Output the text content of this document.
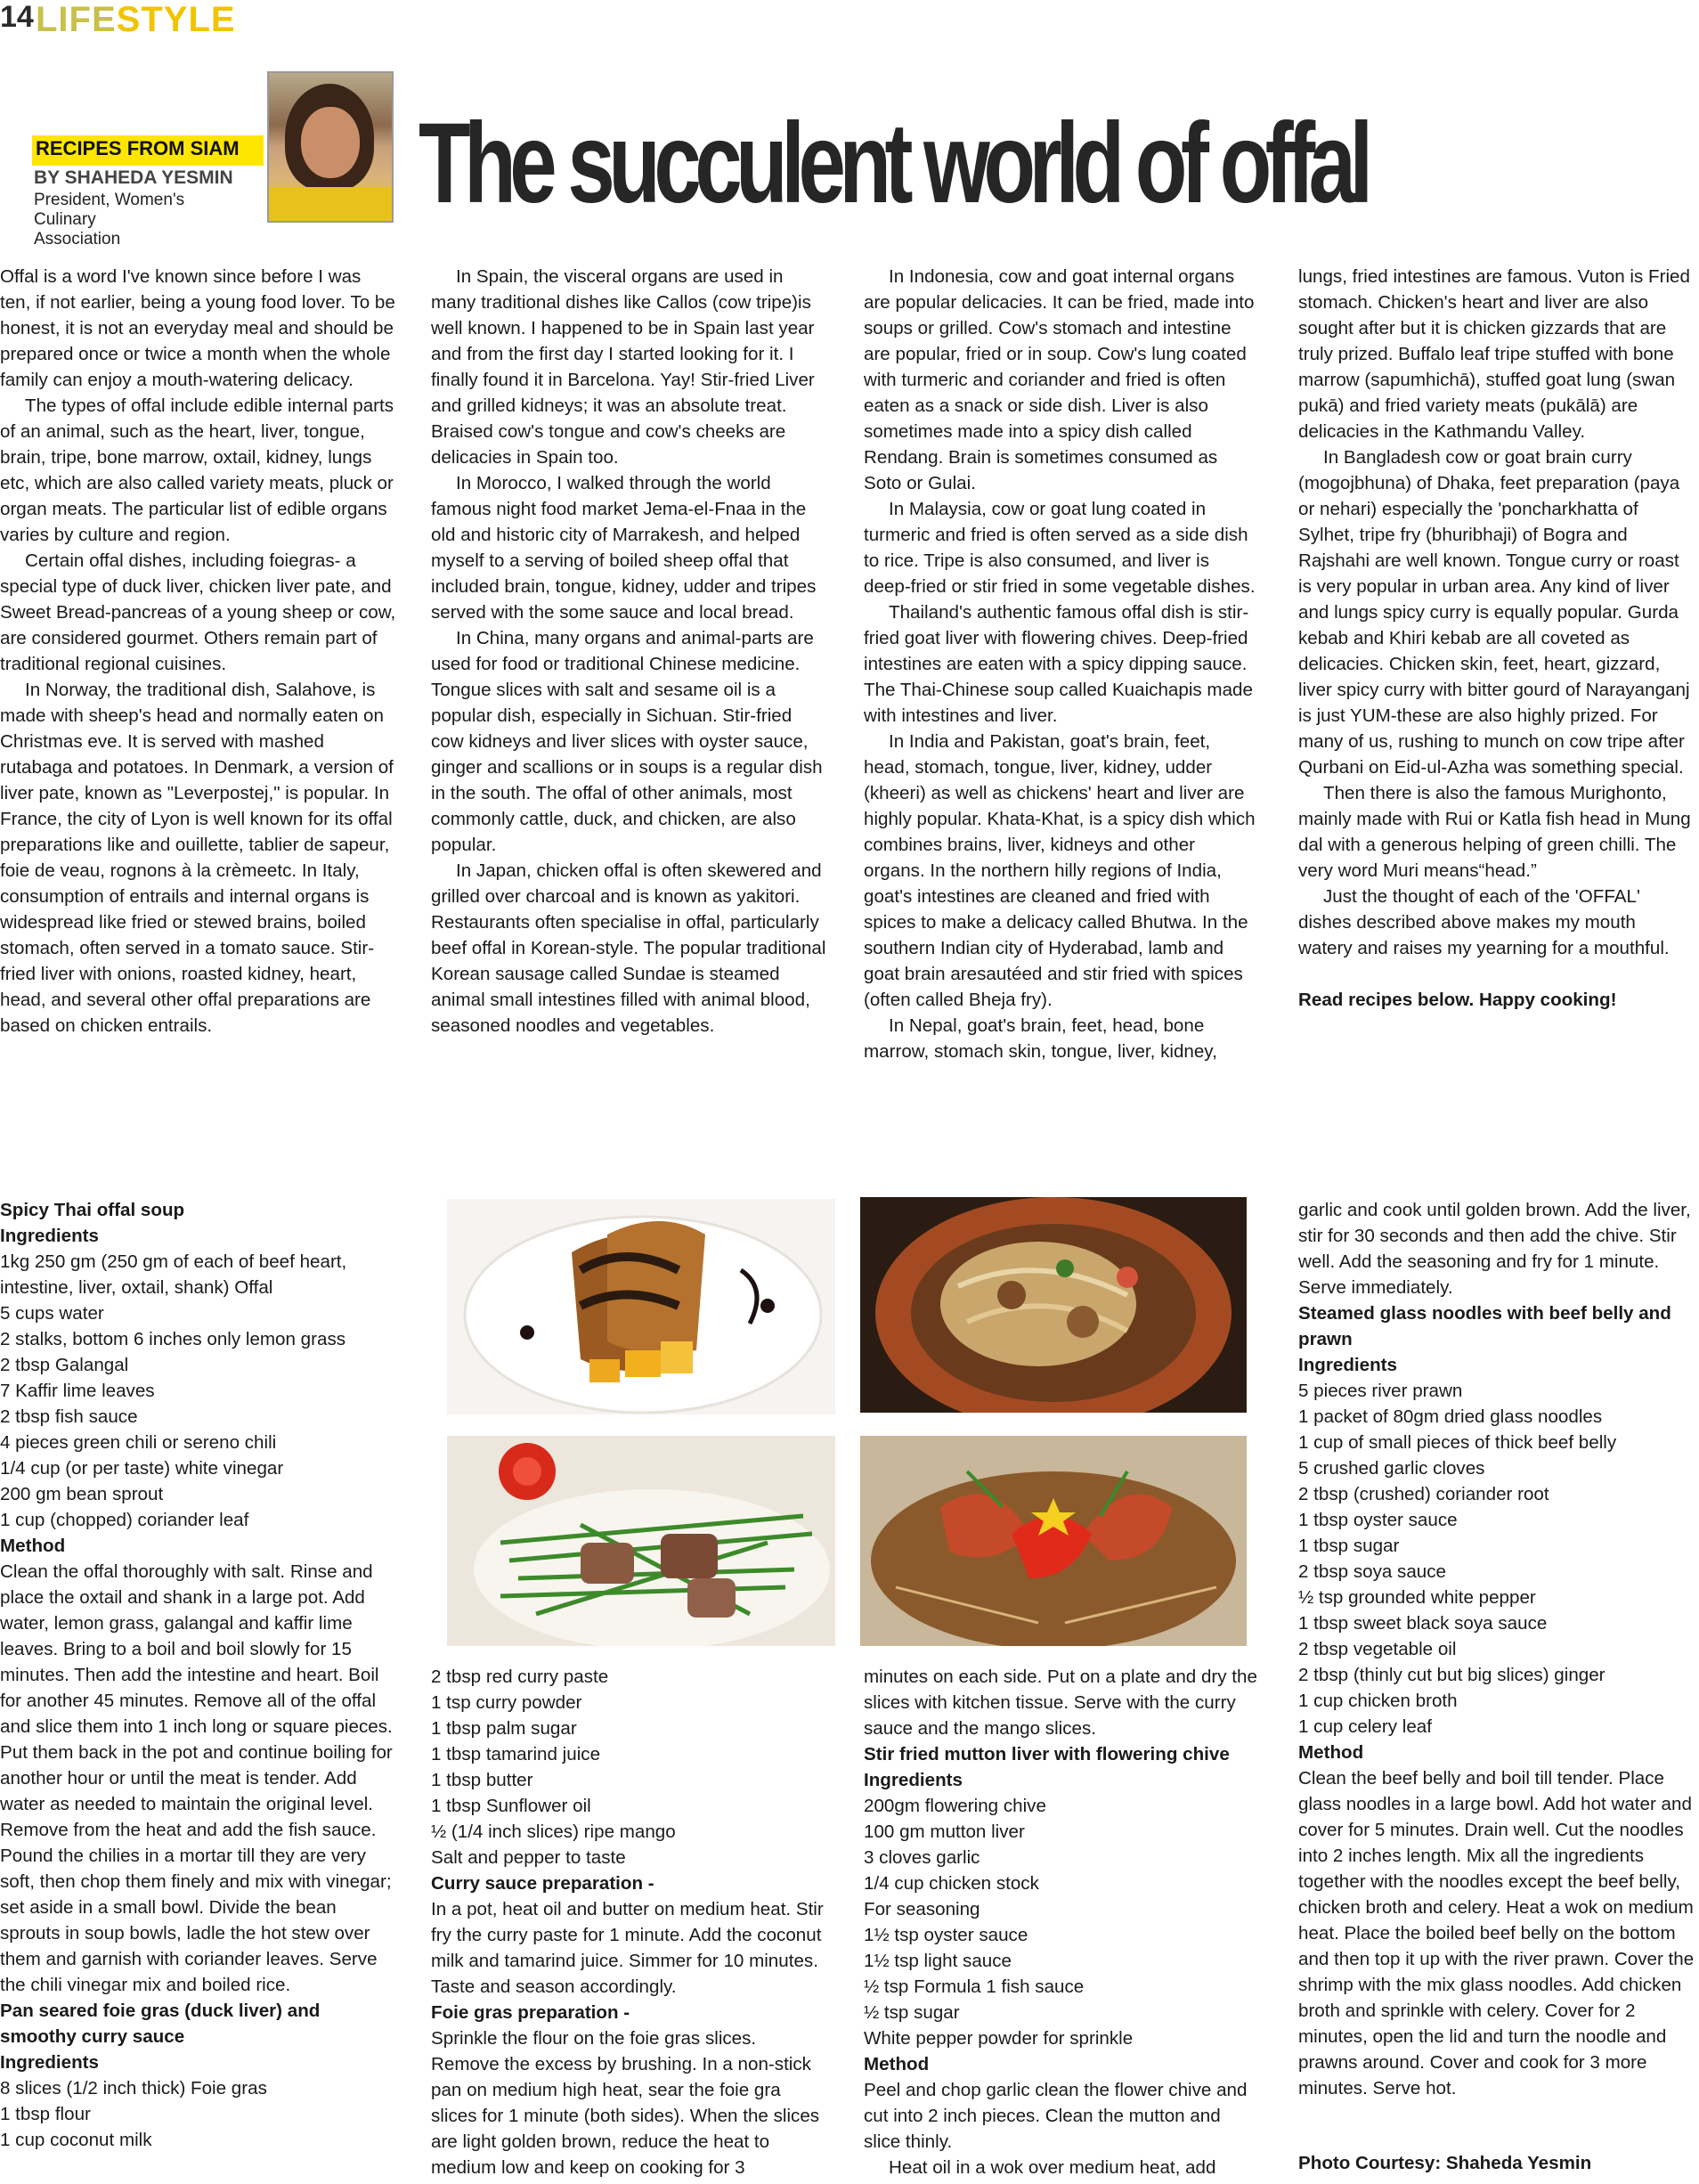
14 LIFESTYLE
RECIPES FROM SIAM
BY SHAHEDA YESMIN
President, Women's Culinary
Association
The succulent world of offal

Offal is a word I've known since before I was ten, if not earlier, being a young food lover. To be honest, it is not an everyday meal and should be prepared once or twice a month when the whole family can enjoy a mouth-watering delicacy.

The types of offal include edible internal parts of an animal, such as the heart, liver, tongue, brain, tripe, bone marrow, oxtail, kidney, lungs etc, which are also called variety meats, pluck or organ meats. The particular list of edible organs varies by culture and region.

Certain offal dishes, including foiegras- a special type of duck liver, chicken liver pate, and Sweet Bread-pancreas of a young sheep or cow, are considered gourmet. Others remain part of traditional regional cuisines.

In Norway, the traditional dish, Salahove, is made with sheep's head and normally eaten on Christmas eve. It is served with mashed rutabaga and potatoes. In Denmark, a version of liver pate, known as "Leverpostej," is popular. In France, the city of Lyon is well known for its offal preparations like and ouillette, tablier de sapeur, foie de veau, rognons à la crèmeetc. In Italy, consumption of entrails and internal organs is widespread like fried or stewed brains, boiled stomach, often served in a tomato sauce. Stir-fried liver with onions, roasted kidney, heart, head, and several other offal preparations are based on chicken entrails.

In Spain, the visceral organs are used in many traditional dishes like Callos (cow tripe)is well known. I happened to be in Spain last year and from the first day I started looking for it. I finally found it in Barcelona. Yay! Stir-fried Liver and grilled kidneys; it was an absolute treat. Braised cow's tongue and cow's cheeks are delicacies in Spain too.

In Morocco, I walked through the world famous night food market Jema-el-Fnaa in the old and historic city of Marrakesh, and helped myself to a serving of boiled sheep offal that included brain, tongue, kidney, udder and tripes served with the some sauce and local bread.

In China, many organs and animal-parts are used for food or traditional Chinese medicine. Tongue slices with salt and sesame oil is a popular dish, especially in Sichuan. Stir-fried cow kidneys and liver slices with oyster sauce, ginger and scallions or in soups is a regular dish in the south. The offal of other animals, most commonly cattle, duck, and chicken, are also popular.

In Japan, chicken offal is often skewered and grilled over charcoal and is known as yakitori. Restaurants often specialise in offal, particularly beef offal in Korean-style. The popular traditional Korean sausage called Sundae is steamed animal small intestines filled with animal blood, seasoned noodles and vegetables.

In Indonesia, cow and goat internal organs are popular delicacies. It can be fried, made into soups or grilled. Cow's stomach and intestine are popular, fried or in soup. Cow's lung coated with turmeric and coriander and fried is often eaten as a snack or side dish. Liver is also sometimes made into a spicy dish called Rendang. Brain is sometimes consumed as Soto or Gulai.

In Malaysia, cow or goat lung coated in turmeric and fried is often served as a side dish to rice. Tripe is also consumed, and liver is deep-fried or stir fried in some vegetable dishes.

Thailand's authentic famous offal dish is stir-fried goat liver with flowering chives. Deep-fried intestines are eaten with a spicy dipping sauce. The Thai-Chinese soup called Kuaichapis made with intestines and liver.

In India and Pakistan, goat's brain, feet, head, stomach, tongue, liver, kidney, udder (kheeri) as well as chickens' heart and liver are highly popular. Khata-Khat, is a spicy dish which combines brains, liver, kidneys and other organs. In the northern hilly regions of India, goat's intestines are cleaned and fried with spices to make a delicacy called Bhutwa. In the southern Indian city of Hyderabad, lamb and goat brain aresautéed and stir fried with spices (often called Bheja fry).

In Nepal, goat's brain, feet, head, bone marrow, stomach skin, tongue, liver, kidney,

lungs, fried intestines are famous. Vuton is Fried stomach. Chicken's heart and liver are also sought after but it is chicken gizzards that are truly prized. Buffalo leaf tripe stuffed with bone marrow (sapumhichā), stuffed goat lung (swan pukā) and fried variety meats (pukālā) are delicacies in the Kathmandu Valley.

In Bangladesh cow or goat brain curry (mogojbhuna) of Dhaka, feet preparation (paya or nehari) especially the 'poncharkhatta of Sylhet, tripe fry (bhuribhaji) of Bogra and Rajshahi are well known. Tongue curry or roast is very popular in urban area. Any kind of liver and lungs spicy curry is equally popular. Gurda kebab and Khiri kebab are all coveted as delicacies. Chicken skin, feet, heart, gizzard, liver spicy curry with bitter gourd of Narayanganj is just YUM-these are also highly prized. For many of us, rushing to munch on cow tripe after Qurbani on Eid-ul-Azha was something special.

Then there is also the famous Murighonto, mainly made with Rui or Katla fish head in Mung dal with a generous helping of green chilli. The very word Muri means“head.”

Just the thought of each of the 'OFFAL' dishes described above makes my mouth watery and raises my yearning for a mouthful.

Read recipes below. Happy cooking!

Spicy Thai offal soup
Ingredients
1kg 250 gm (250 gm of each of beef heart, intestine, liver, oxtail, shank) Offal
5 cups water
2 stalks, bottom 6 inches only lemon grass
2 tbsp Galangal
7 Kaffir lime leaves
2 tbsp fish sauce
4 pieces green chili or sereno chili
1/4 cup (or per taste) white vinegar
200 gm bean sprout
1 cup (chopped) coriander leaf
Method
Clean the offal thoroughly with salt. Rinse and place the oxtail and shank in a large pot. Add water, lemon grass, galangal and kaffir lime leaves. Bring to a boil and boil slowly for 15 minutes. Then add the intestine and heart. Boil for another 45 minutes. Remove all of the offal and slice them into 1 inch long or square pieces. Put them back in the pot and continue boiling for another hour or until the meat is tender. Add water as needed to maintain the original level. Remove from the heat and add the fish sauce. Pound the chilies in a mortar till they are very soft, then chop them finely and mix with vinegar; set aside in a small bowl. Divide the bean sprouts in soup bowls, ladle the hot stew over them and garnish with coriander leaves. Serve the chili vinegar mix and boiled rice.
Pan seared foie gras (duck liver) and smoothy curry sauce
Ingredients
8 slices (1/2 inch thick) Foie gras
1 tbsp flour
1 cup coconut milk
2 tbsp red curry paste
1 tsp curry powder
1 tbsp palm sugar
1 tbsp tamarind juice
1 tbsp butter
1 tbsp Sunflower oil
½ (1/4 inch slices) ripe mango
Salt and pepper to taste
Curry sauce preparation -
In a pot, heat oil and butter on medium heat. Stir fry the curry paste for 1 minute. Add the coconut milk and tamarind juice. Simmer for 10 minutes. Taste and season accordingly.
Foie gras preparation -
Sprinkle the flour on the foie gras slices. Remove the excess by brushing. In a non-stick pan on medium high heat, sear the foie gra slices for 1 minute (both sides). When the slices are light golden brown, reduce the heat to medium low and keep on cooking for 3
minutes on each side. Put on a plate and dry the slices with kitchen tissue. Serve with the curry sauce and the mango slices.
Stir fried mutton liver with flowering chive
Ingredients
200gm flowering chive
100 gm mutton liver
3 cloves garlic
1/4 cup chicken stock
For seasoning
1½ tsp oyster sauce
1½ tsp light sauce
½ tsp Formula 1 fish sauce
½ tsp sugar
White pepper powder for sprinkle
Method
Peel and chop garlic clean the flower chive and cut into 2 inch pieces. Clean the mutton and slice thinly.
Heat oil in a wok over medium heat, add
garlic and cook until golden brown. Add the liver, stir for 30 seconds and then add the chive. Stir well. Add the seasoning and fry for 1 minute. Serve immediately.
Steamed glass noodles with beef belly and prawn
Ingredients
5 pieces river prawn
1 packet of 80gm dried glass noodles
1 cup of small pieces of thick beef belly
5 crushed garlic cloves
2 tbsp (crushed) coriander root
1 tbsp oyster sauce
1 tbsp sugar
2 tbsp soya sauce
½ tsp grounded white pepper
1 tbsp sweet black soya sauce
2 tbsp vegetable oil
2 tbsp (thinly cut but big slices) ginger
1 cup chicken broth
1 cup celery leaf
Method
Clean the beef belly and boil till tender. Place glass noodles in a large bowl. Add hot water and cover for 5 minutes. Drain well. Cut the noodles into 2 inches length. Mix all the ingredients together with the noodles except the beef belly, chicken broth and celery. Heat a wok on medium heat. Place the boiled beef belly on the bottom and then top it up with the river prawn. Cover the shrimp with the mix glass noodles. Add chicken broth and sprinkle with celery. Cover for 2 minutes, open the lid and turn the noodle and prawns around. Cover and cook for 3 more minutes. Serve hot.
Photo Courtesy: Shaheda Yesmin
